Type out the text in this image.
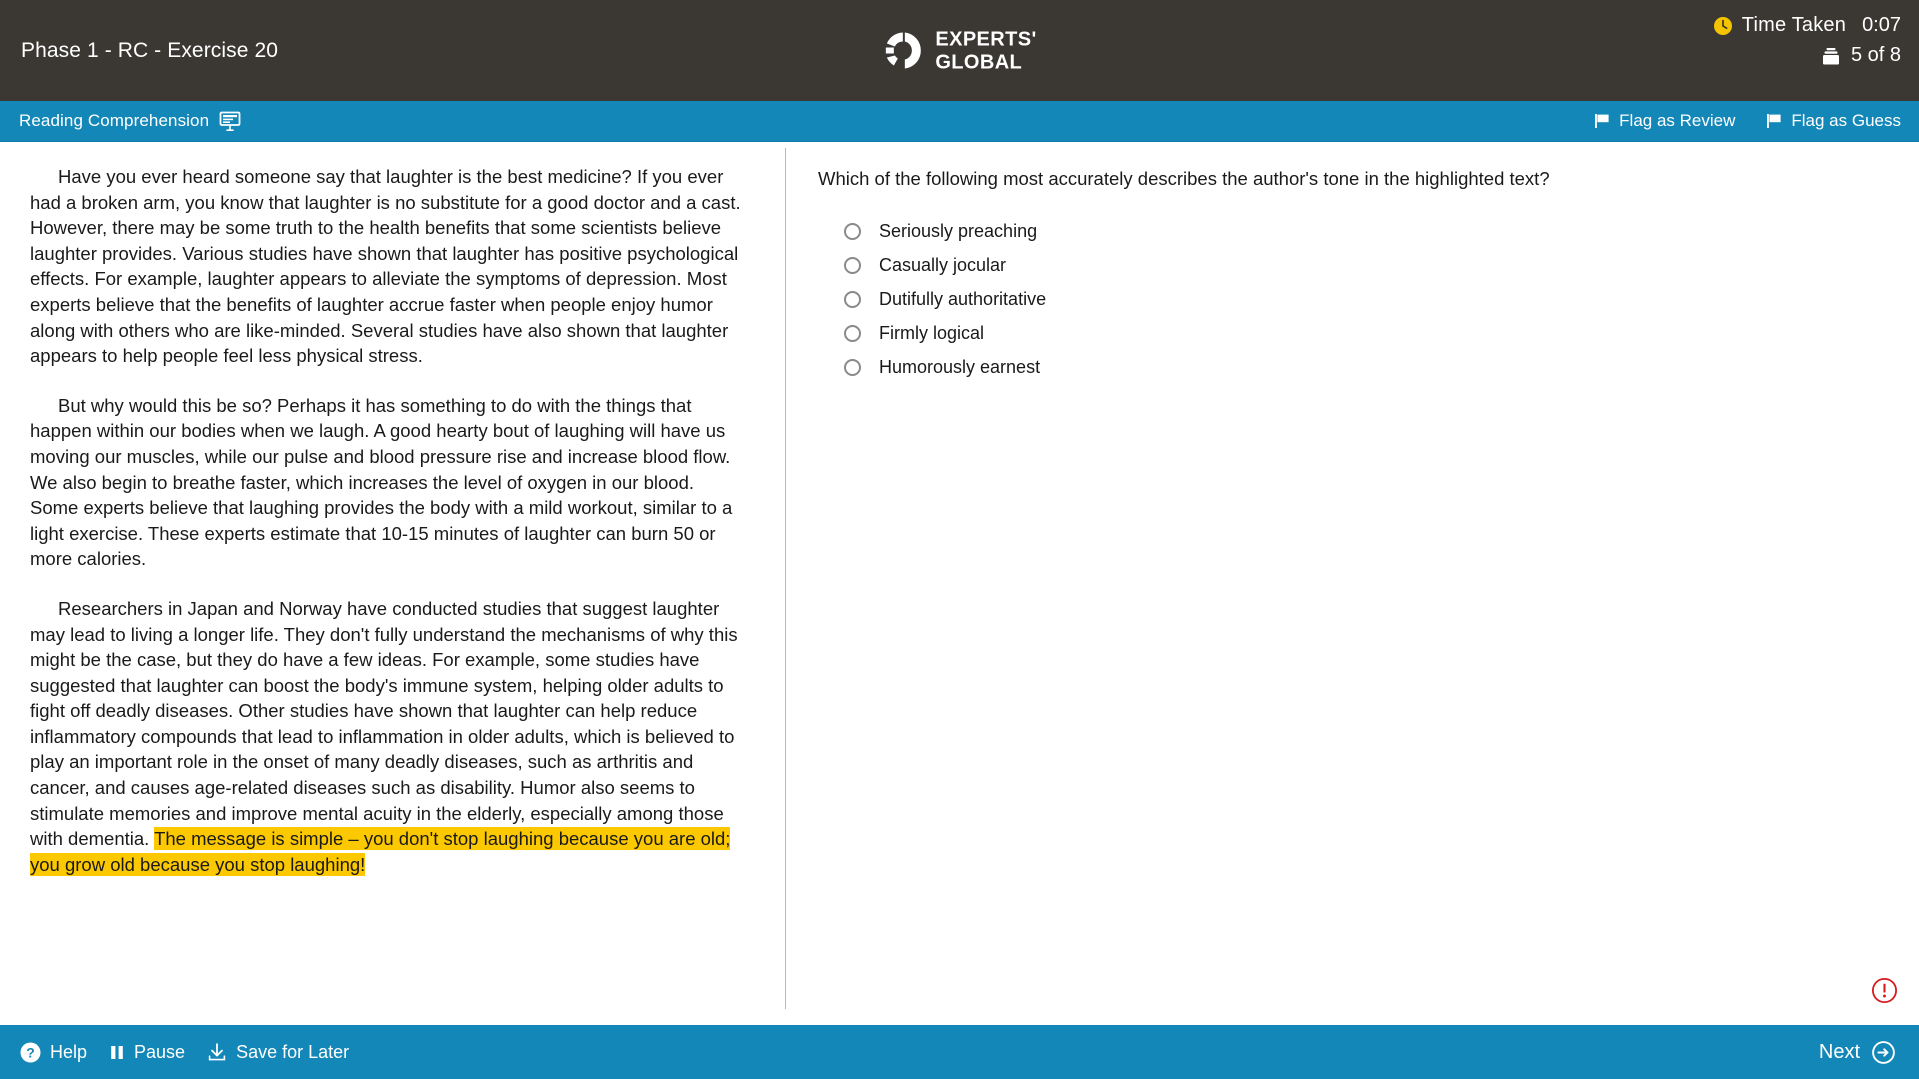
Phase 1 - RC - Exercise 20	EXPERTS'
GLOBAL
Time Taken 0:07
5 of 8
Reading Comprehension	Flag as Review	Flag as Guess

Have you ever heard someone say that laughter is the best medicine? If you ever had a broken arm, you know that laughter is no substitute for a good doctor and a cast. However, there may be some truth to the health benefits that some scientists believe laughter provides. Various studies have shown that laughter has positive psychological effects. For example, laughter appears to alleviate the symptoms of depression. Most experts believe that the benefits of laughter accrue faster when people enjoy humor along with others who are like-minded. Several studies have also shown that laughter appears to help people feel less physical stress.

But why would this be so? Perhaps it has something to do with the things that happen within our bodies when we laugh. A good hearty bout of laughing will have us moving our muscles, while our pulse and blood pressure rise and increase blood flow. We also begin to breathe faster, which increases the level of oxygen in our blood. Some experts believe that laughing provides the body with a mild workout, similar to a light exercise. These experts estimate that 10-15 minutes of laughter can burn 50 or more calories.

Researchers in Japan and Norway have conducted studies that suggest laughter may lead to living a longer life. They don't fully understand the mechanisms of why this might be the case, but they do have a few ideas. For example, some studies have suggested that laughter can boost the body's immune system, helping older adults to fight off deadly diseases. Other studies have shown that laughter can help reduce inflammatory compounds that lead to inflammation in older adults, which is believed to play an important role in the onset of many deadly diseases, such as arthritis and cancer, and causes age-related diseases such as disability. Humor also seems to stimulate memories and improve mental acuity in the elderly, especially among those with dementia. The message is simple – you don't stop laughing because you are old; you grow old because you stop laughing!

Which of the following most accurately describes the author's tone in the highlighted text?
Seriously preaching
Casually jocular
Dutifully authoritative
Firmly logical
Humorously earnest
? Help	Pause	Save for Later	Next
